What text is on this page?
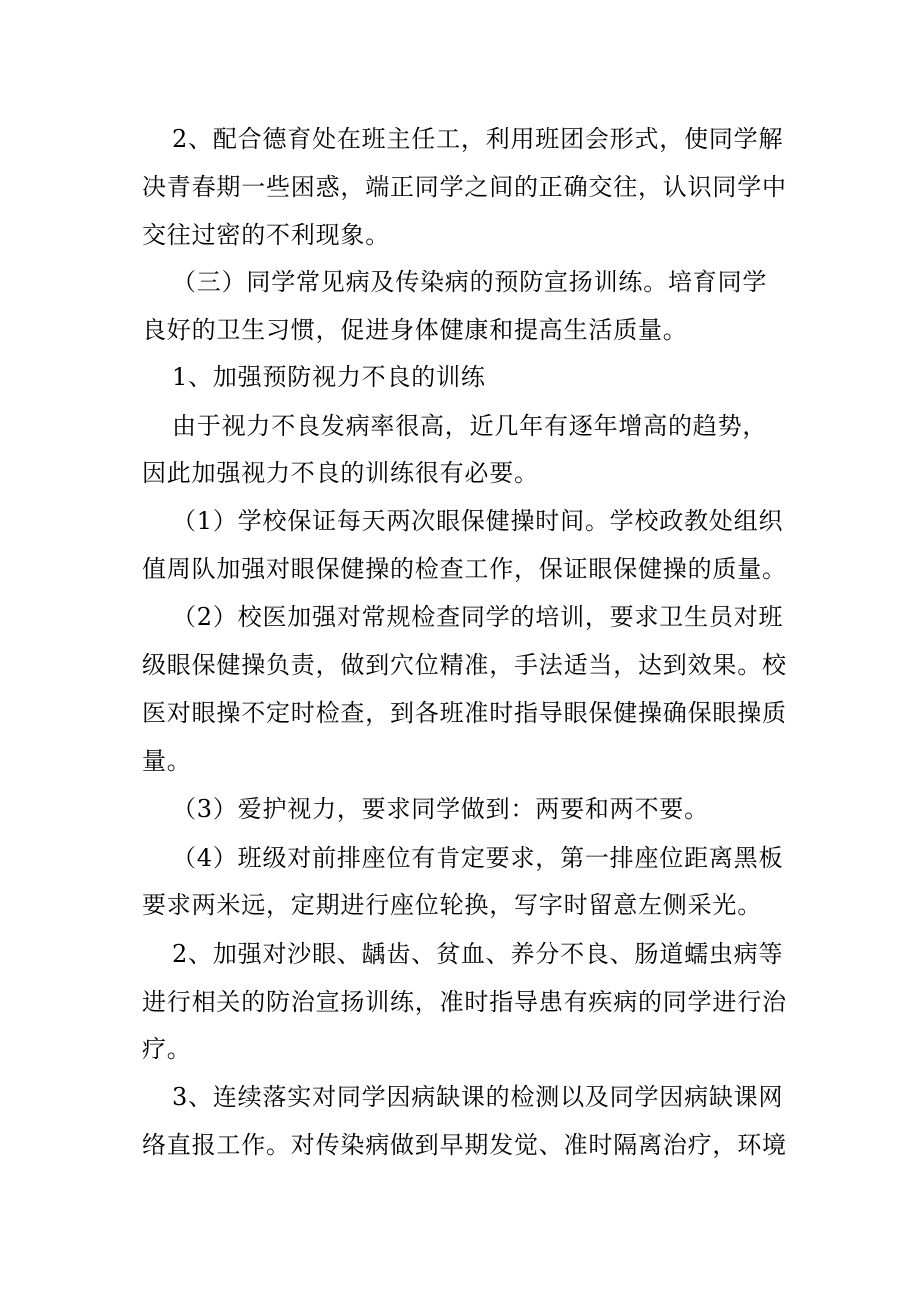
2、配合德育处在班主任工，利用班团会形式，使同学解
决青春期一些困惑，端正同学之间的正确交往，认识同学中
交往过密的不利现象。
（三）同学常见病及传染病的预防宣扬训练。培育同学
良好的卫生习惯，促进身体健康和提高生活质量。
1、加强预防视力不良的训练
由于视力不良发病率很高，近几年有逐年增高的趋势，
因此加强视力不良的训练很有必要。
（1）学校保证每天两次眼保健操时间。学校政教处组织
值周队加强对眼保健操的检查工作，保证眼保健操的质量。
（2）校医加强对常规检查同学的培训，要求卫生员对班
级眼保健操负责，做到穴位精准，手法适当，达到效果。校
医对眼操不定时检查，到各班准时指导眼保健操确保眼操质
量。
（3）爱护视力，要求同学做到：两要和两不要。
（4）班级对前排座位有肯定要求，第一排座位距离黑板
要求两米远，定期进行座位轮换，写字时留意左侧采光。
2、加强对沙眼、龋齿、贫血、养分不良、肠道蠕虫病等
进行相关的防治宣扬训练，准时指导患有疾病的同学进行治
疗。
3、连续落实对同学因病缺课的检测以及同学因病缺课网
络直报工作。对传染病做到早期发觉、准时隔离治疗，环境
